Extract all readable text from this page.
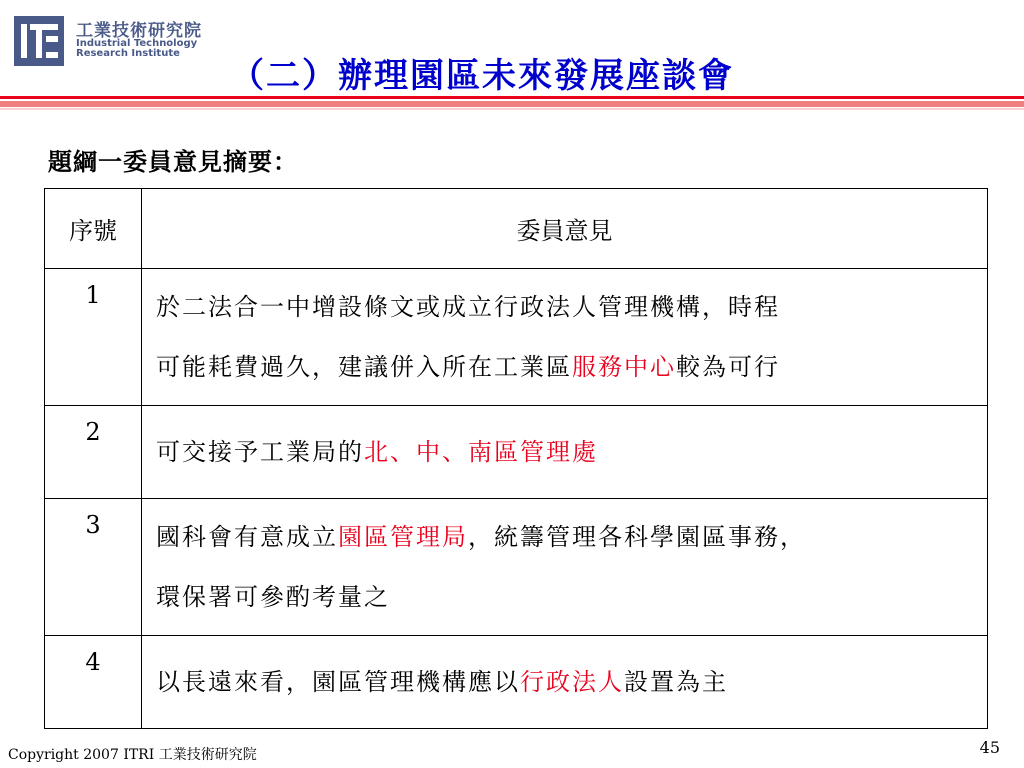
工業技術研究院
Industrial Technology
Research Institute
（二）辦理園區未來發展座談會
題綱一委員意見摘要：
序號	委員意見
1	於二法合一中增設條文或成立行政法人管理機構，時程
可能耗費過久，建議併入所在工業區服務中心較為可行

2	可交接予工業局的北、中、南區管理處

3	國科會有意成立園區管理局，統籌管理各科學園區事務，
環保署可參酌考量之

4	以長遠來看，園區管理機構應以行政法人設置為主
Copyright 2007 ITRI 工業技術研究院	45
